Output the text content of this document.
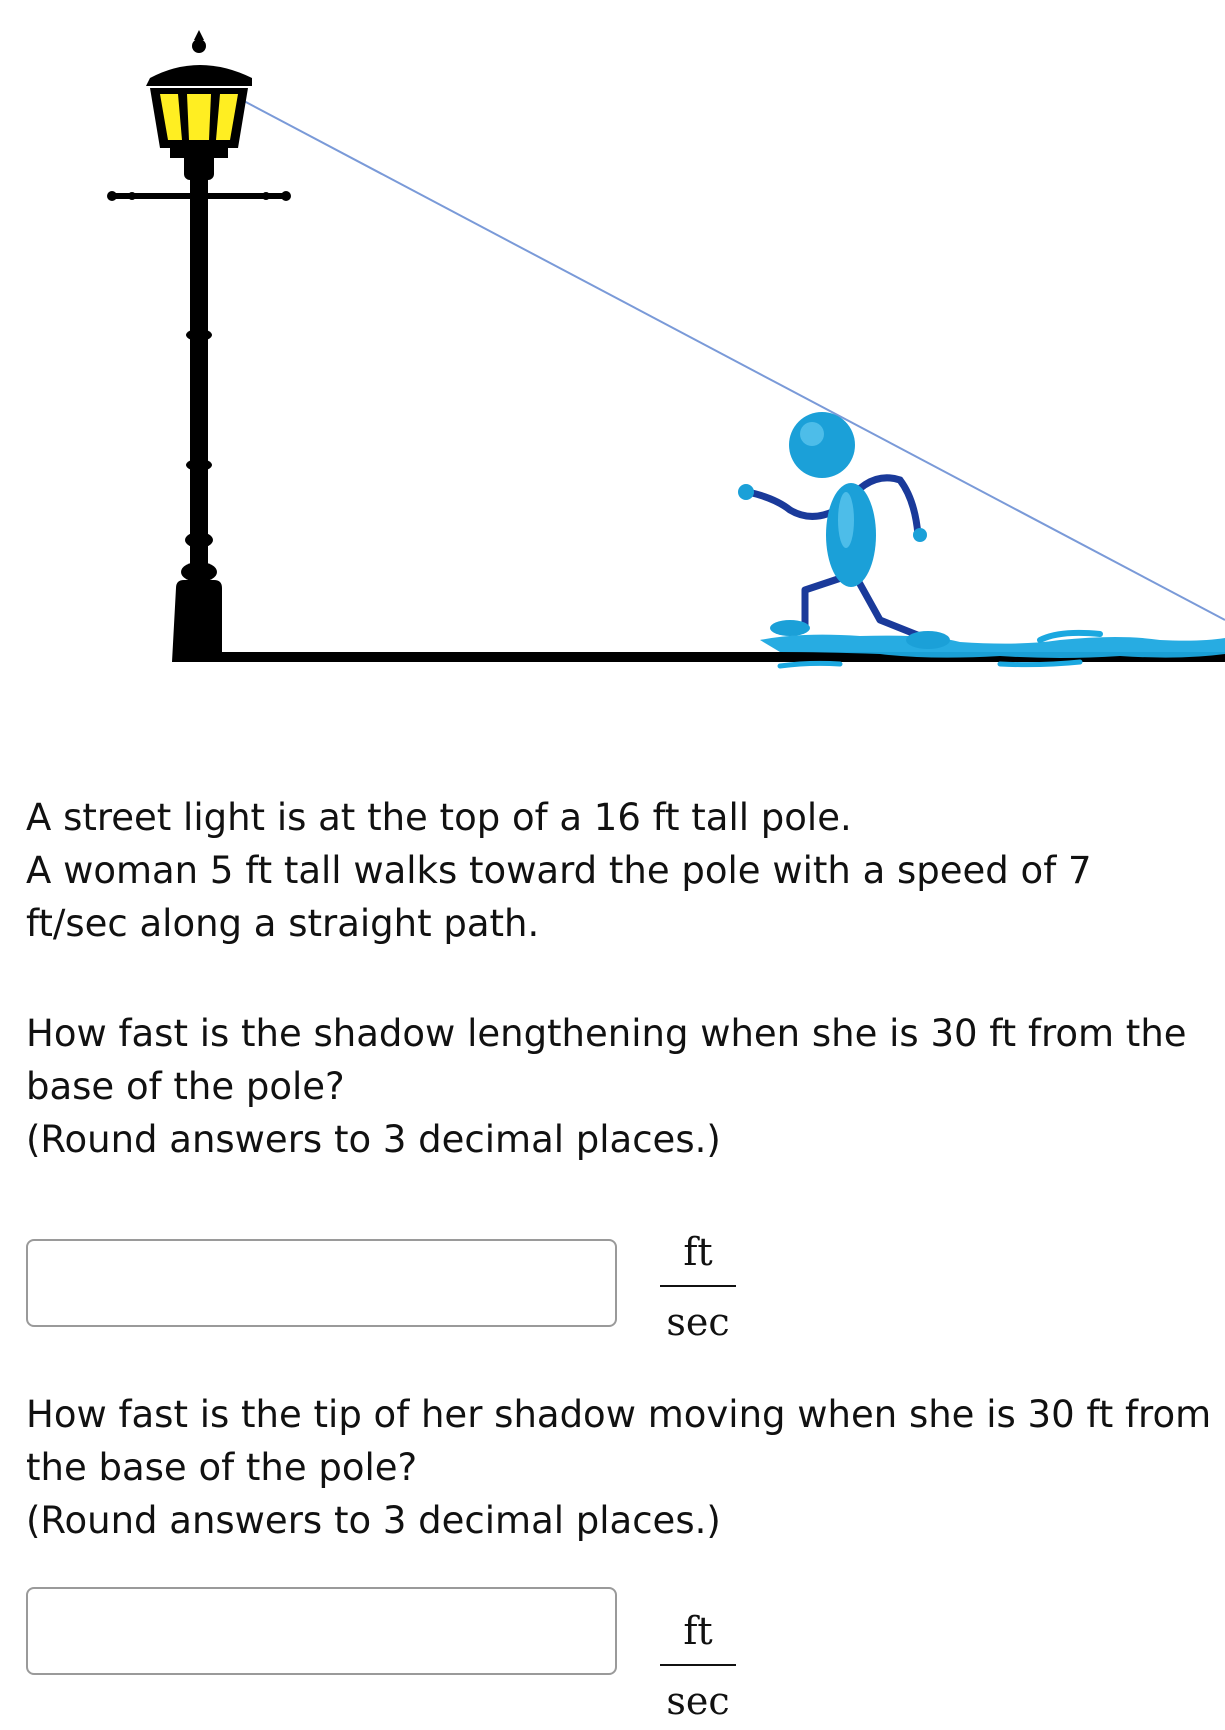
A street light is at the top of a 16 ft tall pole.
A woman 5 ft tall walks toward the pole with a speed of 7
ft/sec along a straight path.
How fast is the shadow lengthening when she is 30 ft from the
base of the pole?
(Round answers to 3 decimal places.)
ft
sec
How fast is the tip of her shadow moving when she is 30 ft from
the base of the pole?
(Round answers to 3 decimal places.)
ft
sec
